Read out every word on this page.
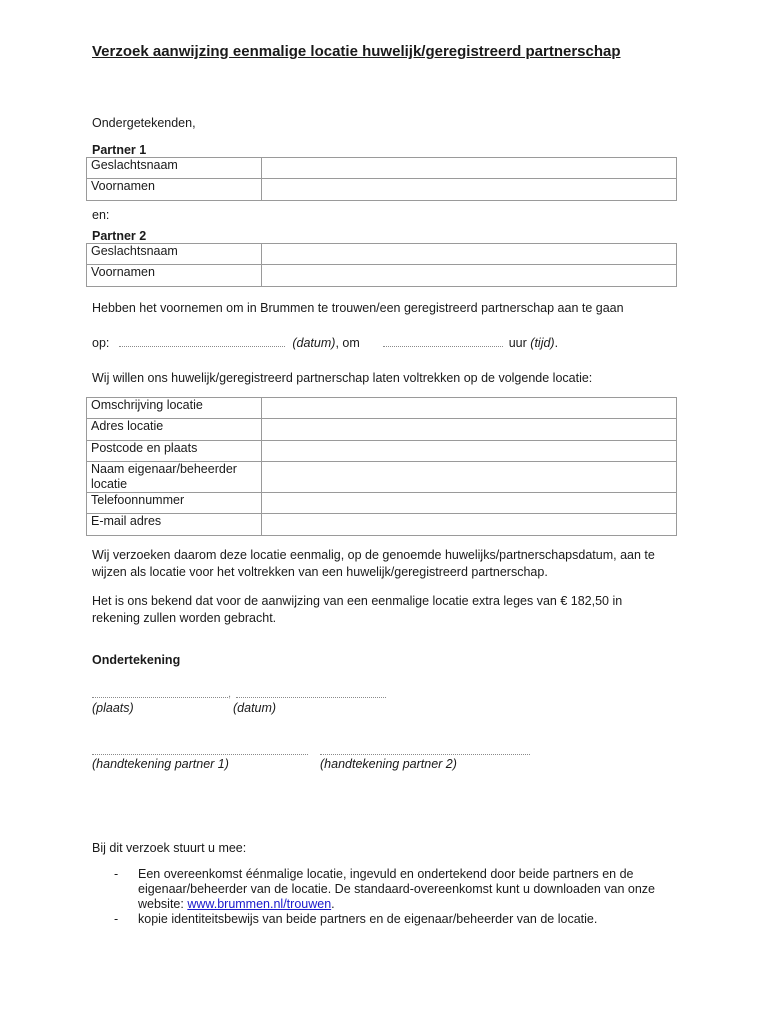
Verzoek aanwijzing eenmalige locatie huwelijk/geregistreerd partnerschap
Ondergetekenden,
Partner 1
Geslachtsnaam	
Voornamen	
en:
Partner 2
Geslachtsnaam	
Voornamen	
Hebben het voornemen om in Brummen te trouwen/een geregistreerd partnerschap aan te gaan
op:	(datum), om	uur (tijd).
Wij willen ons huwelijk/geregistreerd partnerschap laten voltrekken op de volgende locatie:
Omschrijving locatie	
Adres locatie	
Postcode en plaats	
Naam eigenaar/beheerder locatie	
Telefoonnummer	
E-mail adres	
Wij verzoeken daarom deze locatie eenmalig, op de genoemde huwelijks/partnerschapsdatum, aan te
wijzen als locatie voor het voltrekken van een huwelijk/geregistreerd partnerschap.
Het is ons bekend dat voor de aanwijzing van een eenmalige locatie extra leges van € 182,50 in
rekening zullen worden gebracht.
Ondertekening
,
(plaats)	(datum)
(handtekening partner 1)	(handtekening partner 2)
Bij dit verzoek stuurt u mee:
- Een overeenkomst éénmalige locatie, ingevuld en ondertekend door beide partners en de
eigenaar/beheerder van de locatie. De standaard-overeenkomst kunt u downloaden van onze
website: www.brummen.nl/trouwen.
- kopie identiteitsbewijs van beide partners en de eigenaar/beheerder van de locatie.
